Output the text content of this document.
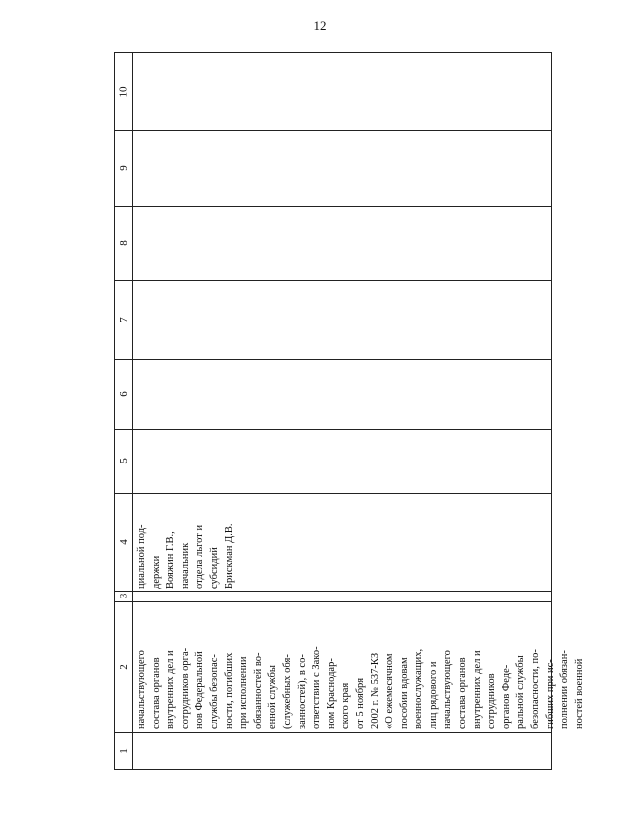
12
10
9
8
7
6
5
4
3
2
1
начальствующего состава органов внутренних дел и сотрудников орга- нов Федеральной службы безопас- ности, погибших при исполнении обязанностей во- енной службы (служебных обя- занностей), в со- ответствии с Зако- ном Краснодар- ского края от 5 ноября 2002 г. № 537-КЗ «О ежемесячном пособии вдовам военнослужащих, лиц рядового и начальствующего состава органов внутренних дел и сотрудников органов Феде- ральной службы безопасности, по- гибших при ис- полнении обязан- ностей военной
циальной под- держки Вояжин Г.В., начальник отдела льгот и субсидий Брискман Д.В.
